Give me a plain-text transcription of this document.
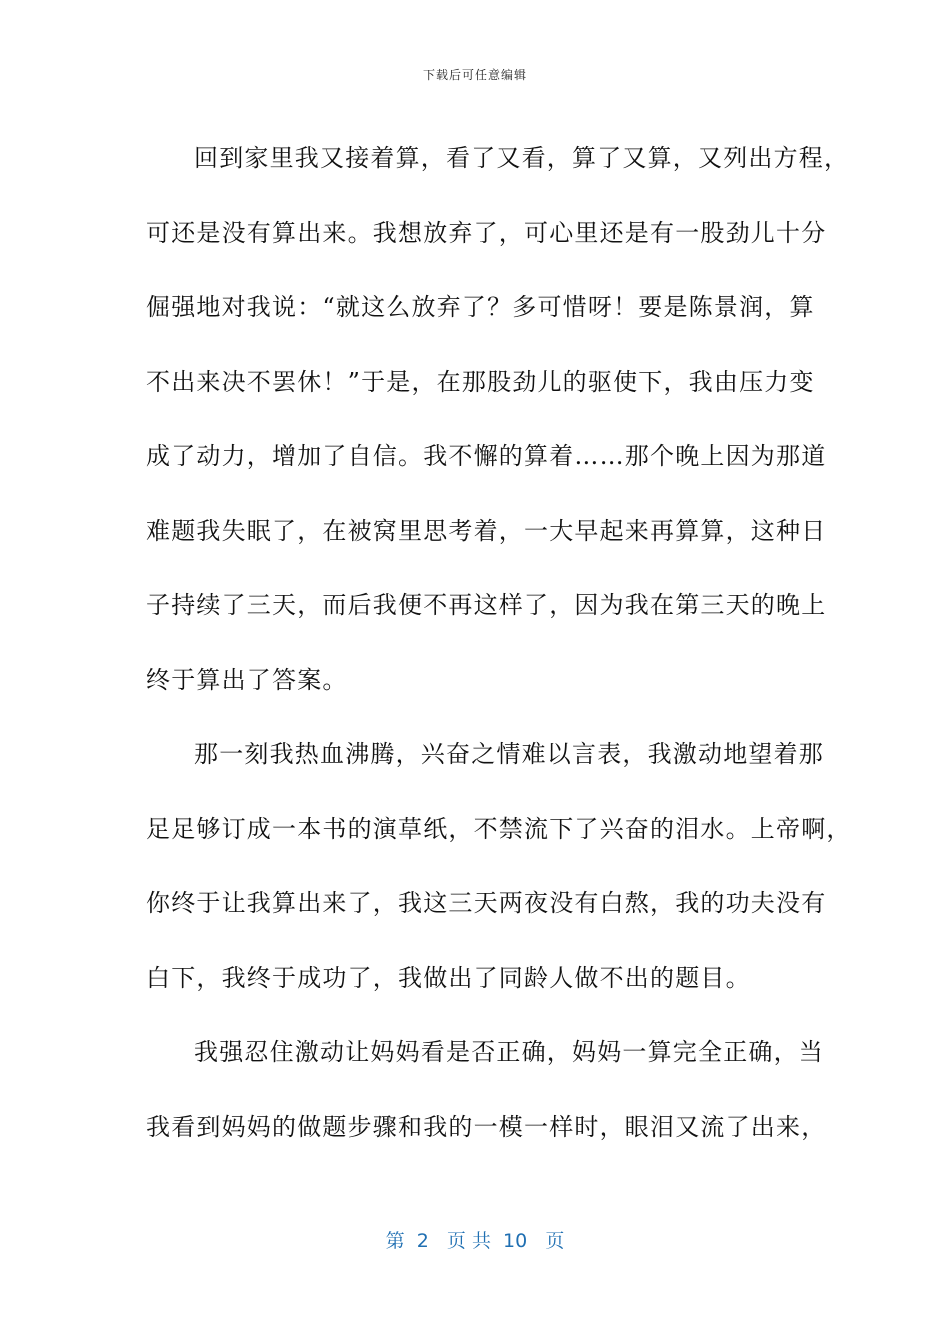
下载后可任意编辑

回到家里我又接着算，看了又看，算了又算，又列出方程，
可还是没有算出来。我想放弃了，可心里还是有一股劲儿十分
倔强地对我说：“就这么放弃了？多可惜呀！要是陈景润，算
不出来决不罢休！”于是，在那股劲儿的驱使下，我由压力变
成了动力，增加了自信。我不懈的算着……那个晚上因为那道
难题我失眠了，在被窝里思考着，一大早起来再算算，这种日
子持续了三天，而后我便不再这样了，因为我在第三天的晚上
终于算出了答案。

那一刻我热血沸腾，兴奋之情难以言表，我激动地望着那
足足够订成一本书的演草纸，不禁流下了兴奋的泪水。上帝啊，
你终于让我算出来了，我这三天两夜没有白熬，我的功夫没有
白下，我终于成功了，我做出了同龄人做不出的题目。

我强忍住激动让妈妈看是否正确，妈妈一算完全正确，当
我看到妈妈的做题步骤和我的一模一样时，眼泪又流了出来，

第  2   页 共  10   页
